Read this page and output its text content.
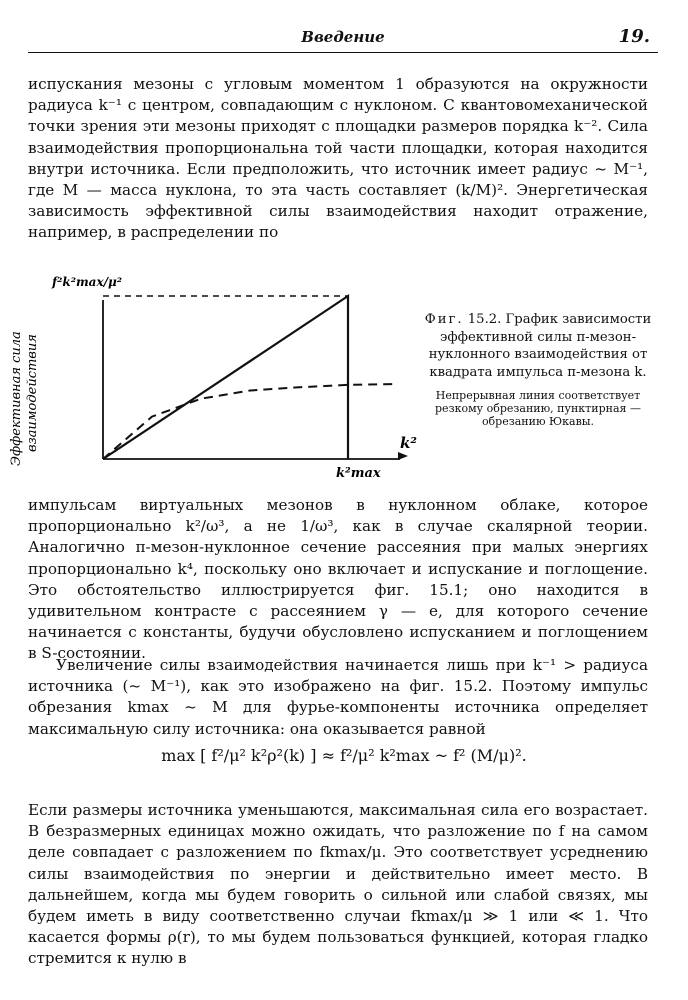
Введение	19.

испускания мезоны с угловым моментом 1 образуются на окружности радиуса k⁻¹ с центром, совпадающим с нуклоном. С квантовомеханической точки зрения эти мезоны приходят с площадки размеров порядка k⁻². Сила взаимодействия пропорциональна той части площадки, которая находится внутри источника. Если предположить, что источник имеет радиус ~ M⁻¹, где M — масса нуклона, то эта часть составляет (k/M)². Энергетическая зависимость эффективной силы взаимодействия находит отражение, например, в распределении по

f²k²max/μ²
k²
k²max
Эффективная сила взаимодействия

Фиг. 15.2. График зависимости эффективной силы π-мезон-нуклонного взаимодействия от квадрата импульса π-мезона k.

Непрерывная линия соответствует резкому обрезанию, пунктирная — обрезанию Юкавы.

импульсам виртуальных мезонов в нуклонном облаке, которое пропорционально k²/ω³, а не 1/ω³, как в случае скалярной теории. Аналогично π-мезон-нуклонное сечение рассеяния при малых энергиях пропорционально k⁴, поскольку оно включает и испускание и поглощение. Это обстоятельство иллюстрируется фиг. 15.1; оно находится в удивительном контрасте с рассеянием γ — e, для которого сечение начинается с константы, будучи обусловлено испусканием и поглощением в S-состоянии.

Увеличение силы взаимодействия начинается лишь при k⁻¹ > радиуса источника (~ M⁻¹), как это изображено на фиг. 15.2. Поэтому импульс обрезания kmax ~ M для фурье-компоненты источника определяет максимальную силу источника: она оказывается равной

max [ f²/μ² k²ρ²(k) ] ≈ f²/μ² k²max ~ f² (M/μ)².

Если размеры источника уменьшаются, максимальная сила его возрастает. В безразмерных единицах можно ожидать, что разложение по f на самом деле совпадает с разложением по fkmax/μ. Это соответствует усреднению силы взаимодействия по энергии и действительно имеет место. В дальнейшем, когда мы будем говорить о сильной или слабой связях, мы будем иметь в виду соответственно случаи fkmax/μ ≫ 1 или ≪ 1. Что касается формы ρ(r), то мы будем пользоваться функцией, которая гладко стремится к нулю в
